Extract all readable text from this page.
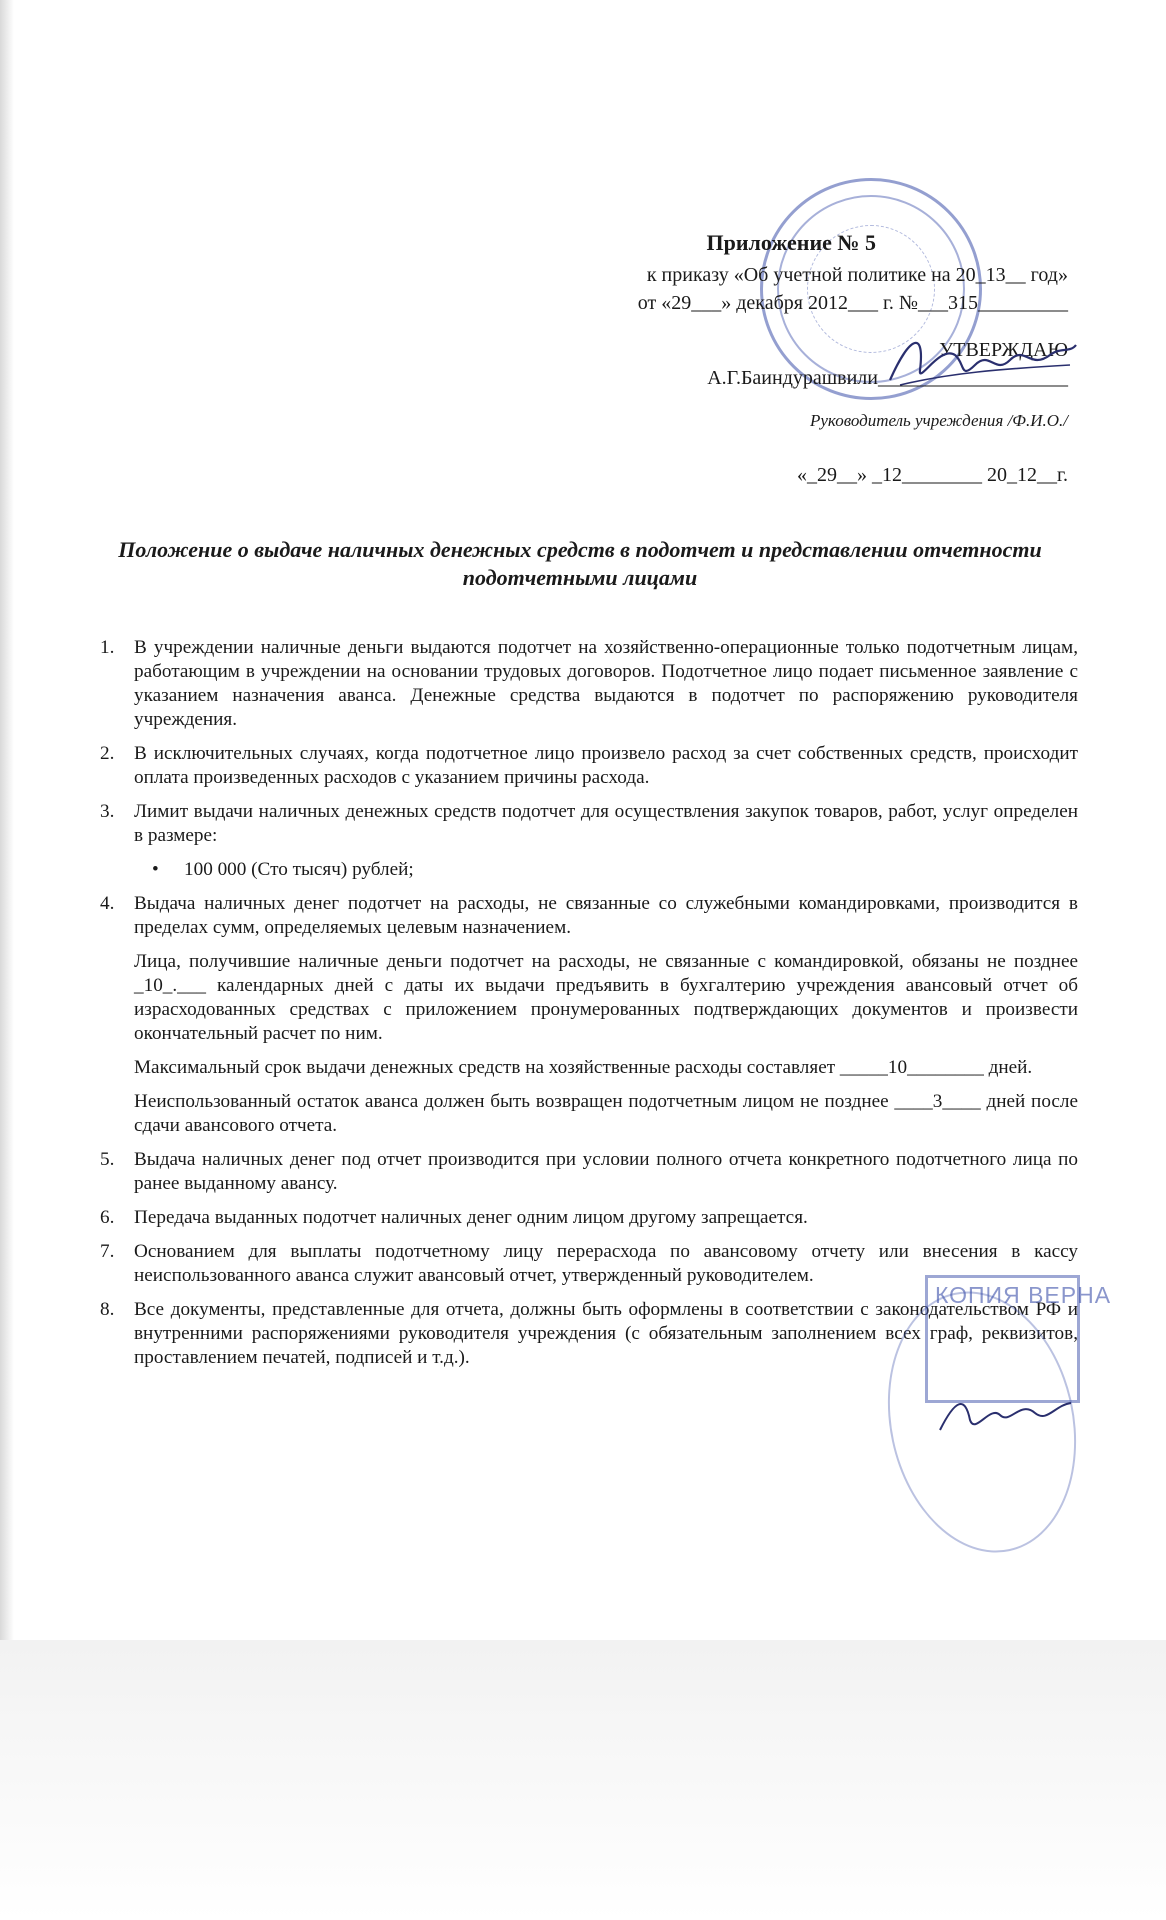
Приложение № 5
к приказу «Об учетной политике на 20_13__ год»
от «29___» декабря 2012___ г. №___315_________
УТВЕРЖДАЮ
А.Г.Баиндурашвили___________________
Руководитель учреждения /Ф.И.О./
«_29__» _12________ 20_12__г.
Положение о выдаче наличных денежных средств в подотчет и представлении отчетности подотчетными лицами
1. В учреждении наличные деньги выдаются подотчет на хозяйственно-операционные только подотчетным лицам, работающим в учреждении на основании трудовых договоров. Подотчетное лицо подает письменное заявление с указанием назначения аванса. Денежные средства выдаются в подотчет по распоряжению руководителя учреждения.
2. В исключительных случаях, когда подотчетное лицо произвело расход за счет собственных средств, происходит оплата произведенных расходов с указанием причины расхода.
3. Лимит выдачи наличных денежных средств подотчет для осуществления закупок товаров, работ, услуг определен в размере:
• 100 000 (Сто тысяч) рублей;
4. Выдача наличных денег подотчет на расходы, не связанные со служебными командировками, производится в пределах сумм, определяемых целевым назначением.
Лица, получившие наличные деньги подотчет на расходы, не связанные с командировкой, обязаны не позднее _10_.___ календарных дней с даты их выдачи предъявить в бухгалтерию учреждения авансовый отчет об израсходованных средствах с приложением пронумерованных подтверждающих документов и произвести окончательный расчет по ним.
Максимальный срок выдачи денежных средств на хозяйственные расходы составляет _____10________ дней.
Неиспользованный остаток аванса должен быть возвращен подотчетным лицом не позднее ____3____ дней после сдачи авансового отчета.
5. Выдача наличных денег под отчет производится при условии полного отчета конкретного подотчетного лица по ранее выданному авансу.
6. Передача выданных подотчет наличных денег одним лицом другому запрещается.
7. Основанием для выплаты подотчетному лицу перерасхода по авансовому отчету или внесения в кассу неиспользованного аванса служит авансовый отчет, утвержденный руководителем.
8. Все документы, представленные для отчета, должны быть оформлены в соответствии с законодательством РФ и внутренними распоряжениями руководителя учреждения (с обязательным заполнением всех граф, реквизитов, проставлением печатей, подписей и т.д.).
КОПИЯ ВЕРНА
